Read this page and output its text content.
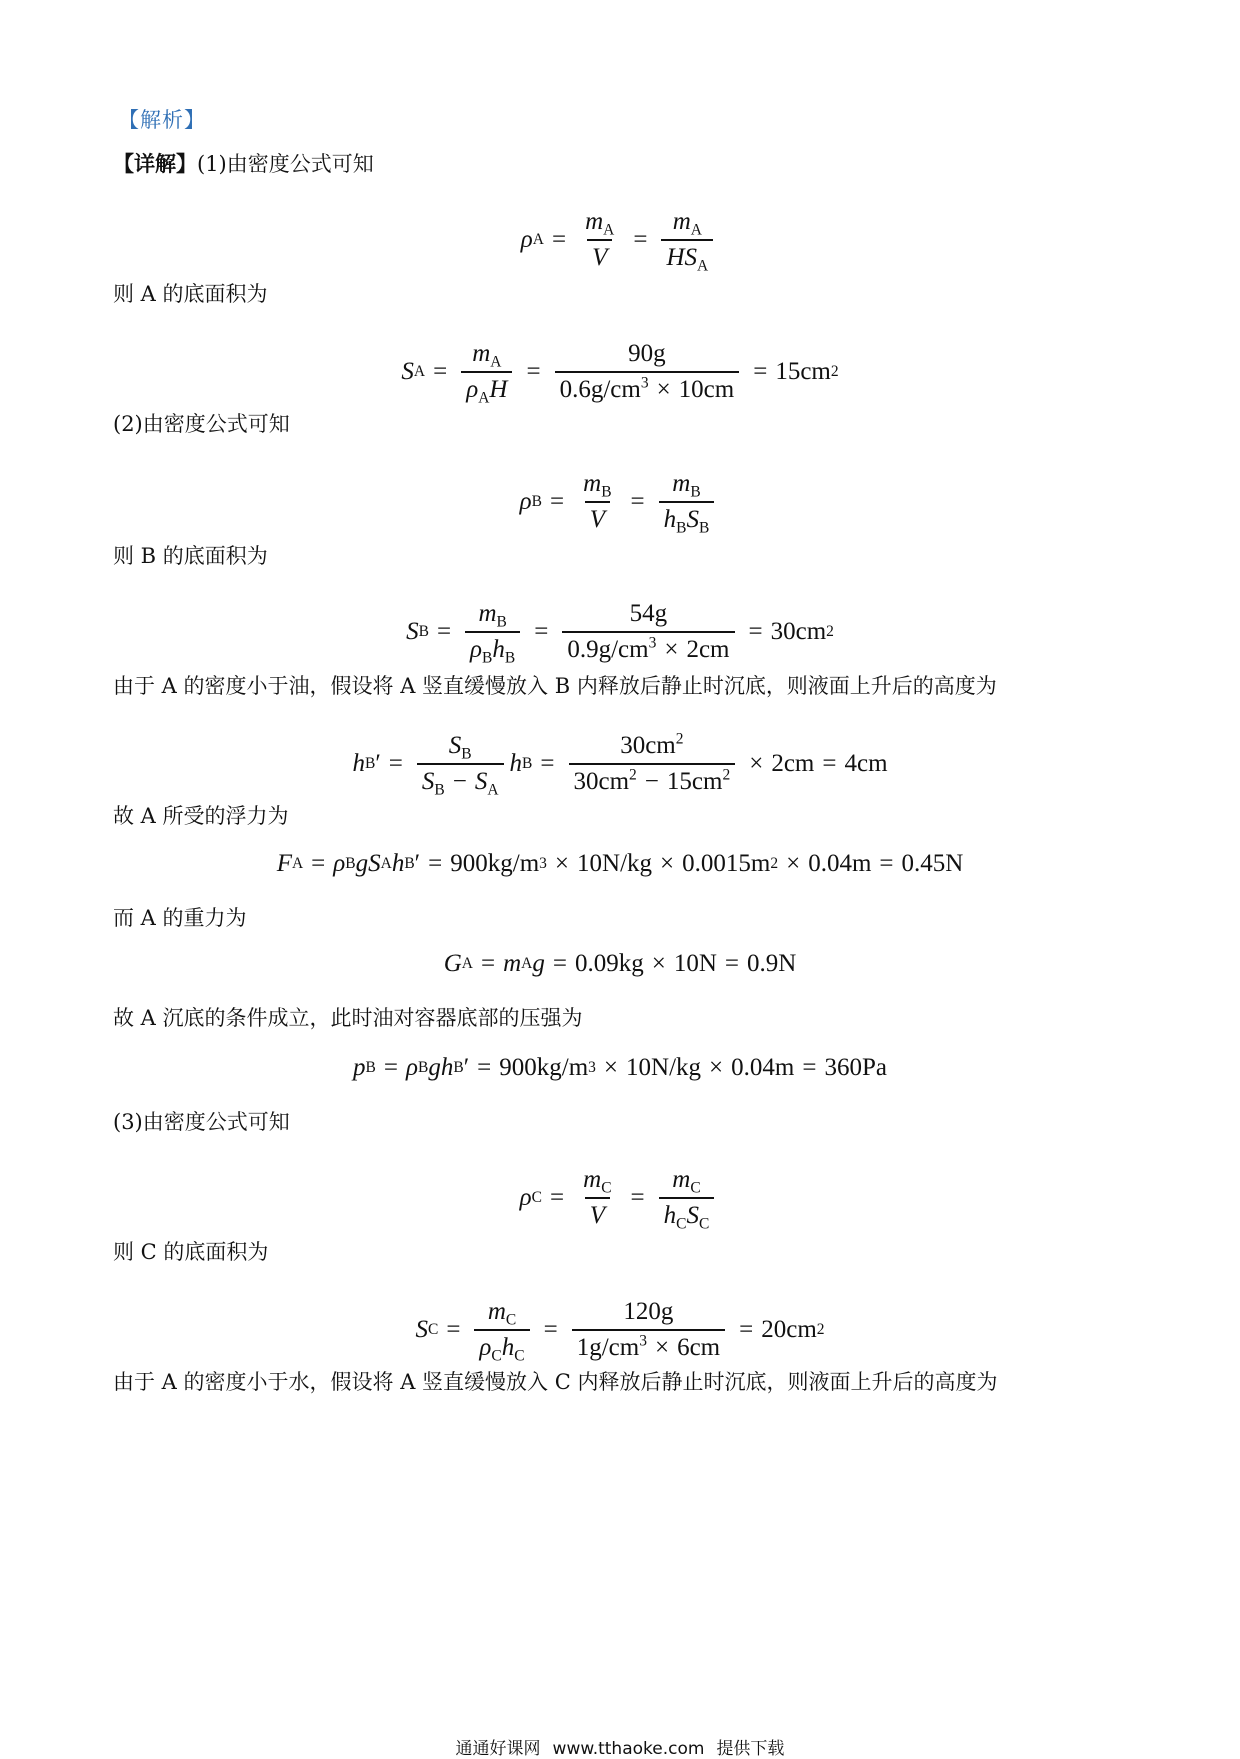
【解析】
【详解】(1)由密度公式可知
ρ $A = \frac{m_A}{V} = \frac{m_A}{HS_A}$
则 A 的底面积为
S $A = \frac{m_A}{\rho_AH} = \frac{90g}{0.6g/cm^3 \times 10cm} = 15cm$ 2
(2)由密度公式可知
ρ $B = \frac{m_B}{V} = \frac{m_B}{h_BS_B}$
则 B 的底面积为
S $B = \frac{m_B}{\rho_Bh_B} = \frac{54g}{0.9g/cm^3 \times 2cm} = 30cm$ 2
由于 A 的密度小于油，假设将 A 竖直缓慢放入 B 内释放后静止时沉底，则液面上升后的高度为
h B ′ = $\frac{S_B}{S_B - S_A}$ h $B = \frac{30cm^2}{30cm^2 - 15cm^2} \times 2cm = 4cm$
故 A 所受的浮力为
F A = ρ B g S A h B ′ = 900kg/m 3 × 10N/kg × 0.0015m 2 × 0.04m = 0.45N
而 A 的重力为
G A = m A g = 0.09kg × 10N = 0.9N
故 A 沉底的条件成立，此时油对容器底部的压强为
p B = ρ B g h B ′ = 900kg/m 3 × 10N/kg × 0.04m = 360Pa
(3)由密度公式可知
ρ $C = \frac{m_C}{V} = \frac{m_C}{h_CS_C}$
则 C 的底面积为
S $C = \frac{m_C}{\rho_Ch_C} = \frac{120g}{1g/cm^3 \times 6cm} = 20cm$ 2
由于 A 的密度小于水，假设将 A 竖直缓慢放入 C 内释放后静止时沉底，则液面上升后的高度为
通通好课网 www.tthaoke.com 提供下载
